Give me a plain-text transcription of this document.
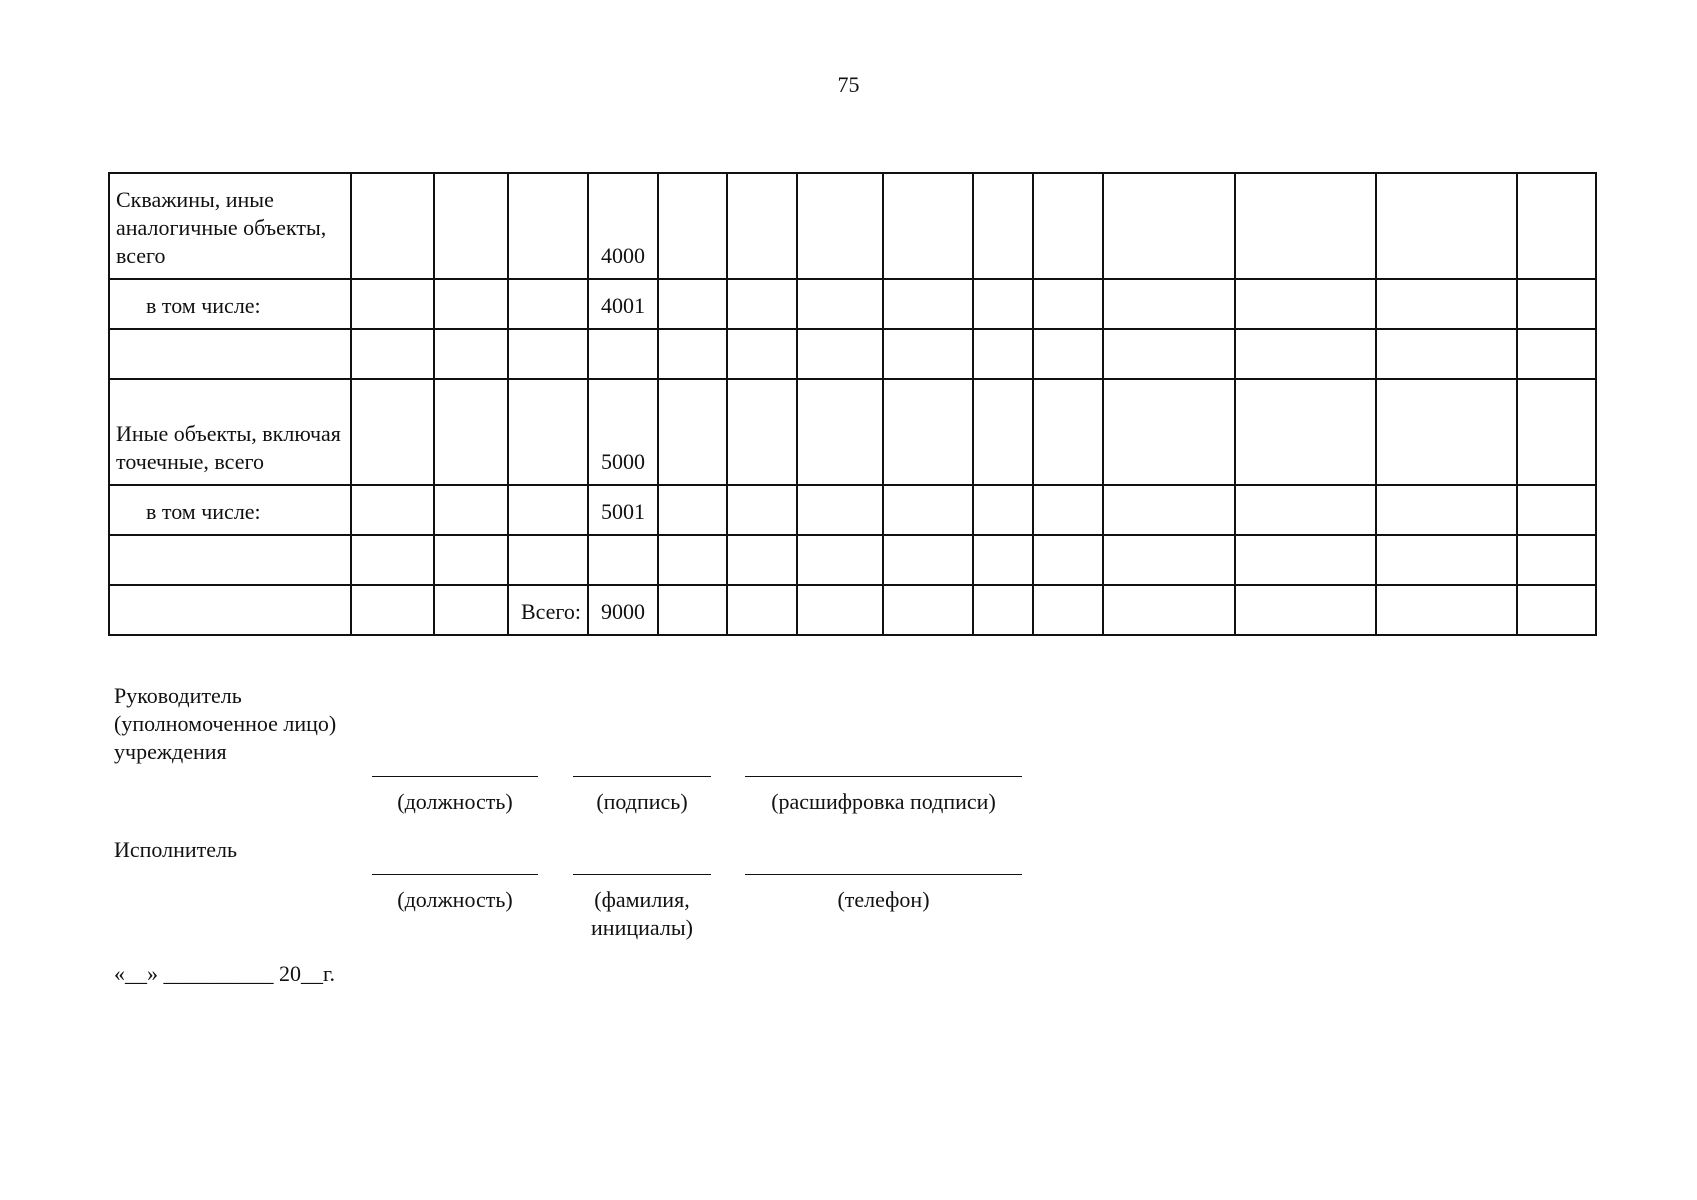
75
Скважины, иные аналогичные объекты, всего				4000										
в том числе:				4001										

Иные объекты, включая точечные, всего				5000										
в том числе:				5001										

			Всего:	9000										
Руководитель
(уполномоченное лицо)
учреждения
(должность)	(подпись)	(расшифровка подписи)
Исполнитель
(должность)	(фамилия,
инициалы)
(телефон)
«__» __________ 20__г.
